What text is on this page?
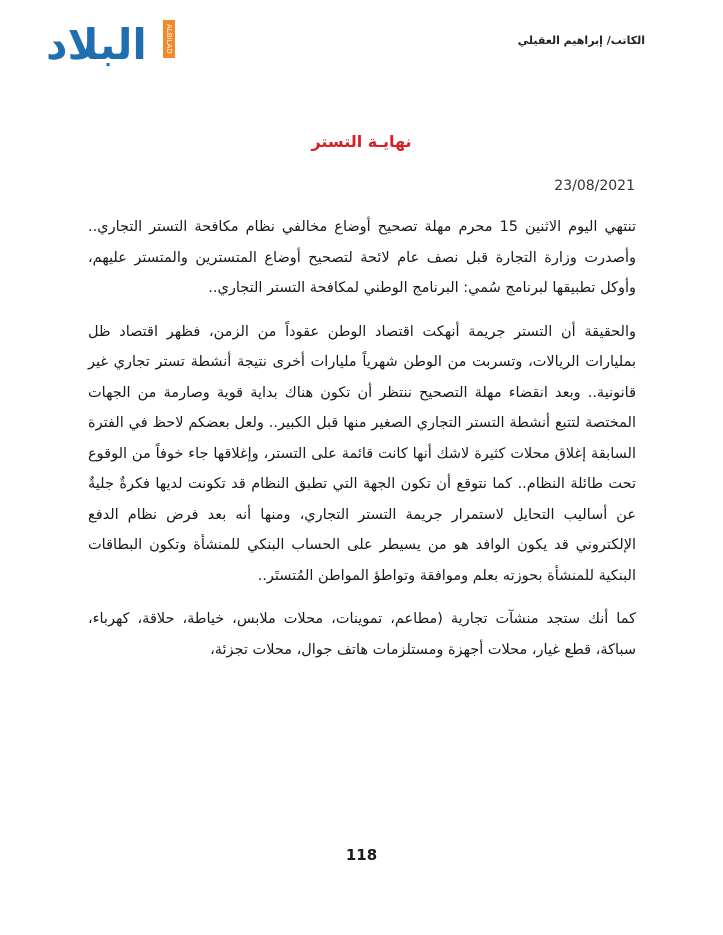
البلاد	ALBILAD TV	الكاتب/ إبراهيم العقيلي
نهايـة التستر
23/08/2021

تنتهي اليوم الاثنين 15 محرم مهلة تصحيح أوضاع مخالفي نظام مكافحة التستر التجاري.. وأصدرت وزارة التجارة قبل نصف عام لائحة لتصحيح أوضاع المتسترين والمتستر عليهم، وأوكل تطبيقها لبرنامج سُمي: البرنامج الوطني لمكافحة التستر التجاري..

والحقيقة أن التستر جريمة أنهكت اقتصاد الوطن عقوداً من الزمن، فظهر اقتصاد ظل بمليارات الريالات، وتسربت من الوطن شهرياً مليارات أخرى نتيجة أنشطة تستر تجاري غير قانونية.. وبعد انقضاء مهلة التصحيح ننتظر أن تكون هناك بداية قوية وصارمة من الجهات المختصة لتتبع أنشطة التستر التجاري الصغير منها قبل الكبير.. ولعل بعضكم لاحظ في الفترة السابقة إغلاق محلات كثيرة لاشك أنها كانت قائمة على التستر، وإغلاقها جاء خوفاً من الوقوع تحت طائلة النظام.. كما نتوقع أن تكون الجهة التي تطبق النظام قد تكونت لديها فكرةٌ جليةٌ عن أساليب التحايل لاستمرار جريمة التستر التجاري، ومنها أنه بعد فرض نظام الدفع الإلكتروني قد يكون الوافد هو من يسيطر على الحساب البنكي للمنشأة وتكون البطاقات البنكية للمنشأة بحوزته بعلم وموافقة وتواطؤ المواطن المُتستَر..

كما أنك ستجد منشآت تجارية (مطاعم، تموينات، محلات ملابس، خياطة، حلاقة، كهرباء، سباكة، قطع غيار، محلات أجهزة ومستلزمات هاتف جوال، محلات تجزئة،

118
